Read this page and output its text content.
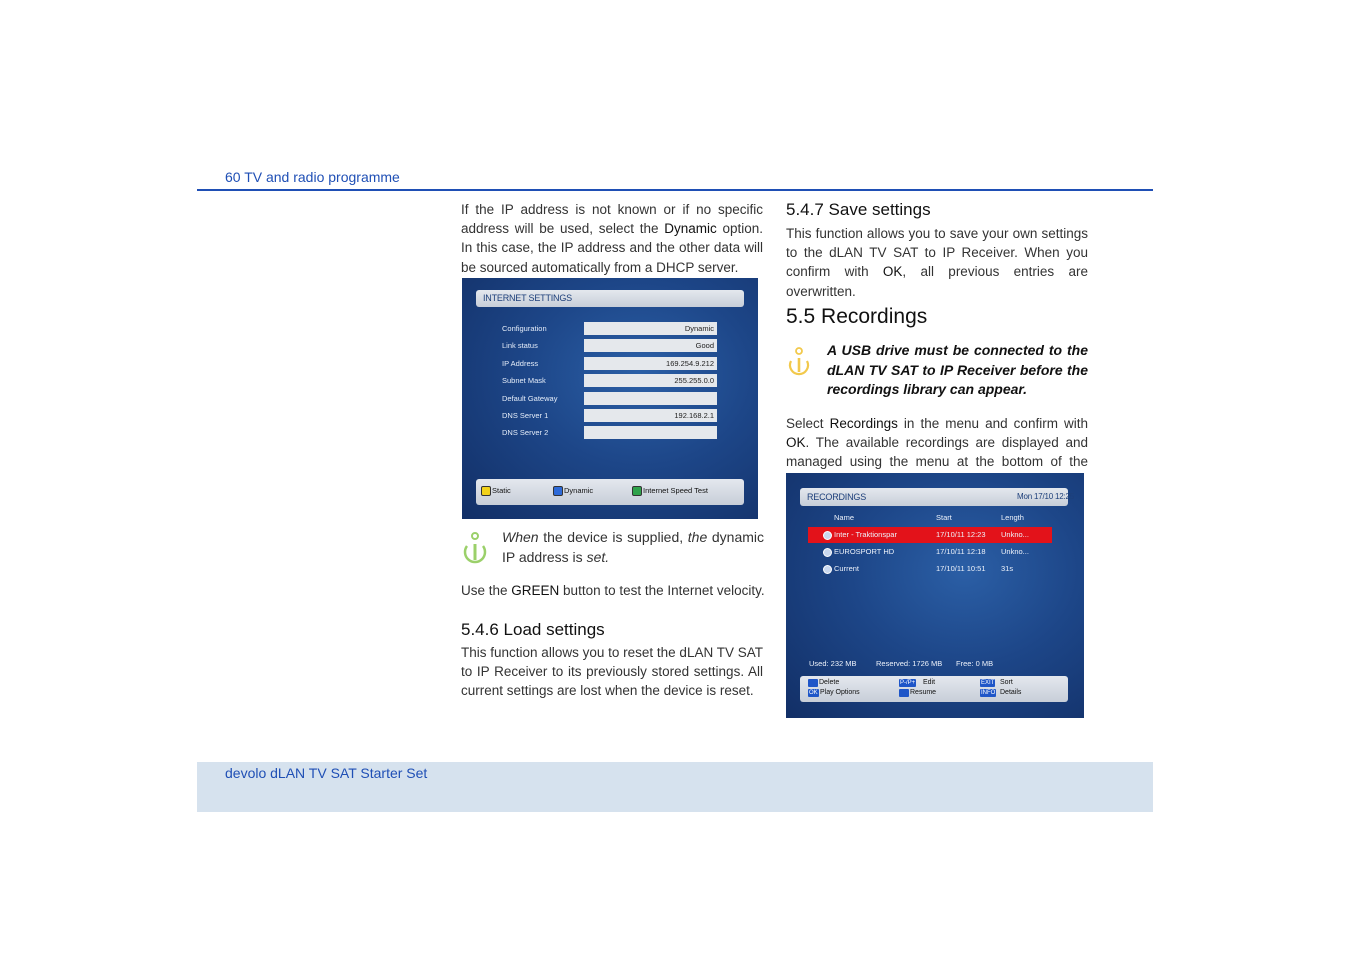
60 TV and radio programme
If the IP address is not known or if no specific address will be used, select the Dynamic option. In this case, the IP address and the other data will be sourced automatically from a DHCP server.
INTERNET SETTINGS
Configuration	Dynamic
Link status	Good
IP Address	169.254.9.212
Subnet Mask	255.255.0.0
Default Gateway
DNS Server 1	192.168.2.1
DNS Server 2
Static	Dynamic	Internet Speed Test
When the device is supplied, the dynamic IP address is set.
Use the GREEN button to test the Internet velocity.
5.4.6 Load settings
This function allows you to reset the dLAN TV SAT to IP Receiver to its previously stored settings. All current settings are lost when the device is reset.
5.4.7 Save settings
This function allows you to save your own settings to the dLAN TV SAT to IP Receiver. When you confirm with OK, all previous entries are overwritten.
5.5 Recordings
A USB drive must be connected to the dLAN TV SAT to IP Receiver before the recordings library can appear.
Select Recordings in the menu and confirm with OK. The available recordings are displayed and managed using the menu at the bottom of the
RECORDINGS	Mon 17/10 12:25
Name	Start	Length
Inter - Traktionspar	17/10/11 12:23 Unkno...
EUROSPORT HD	17/10/11 12:18 Unkno...
Current	17/10/11 10:51 31s
Used: 232 MB	Reserved: 1726 MB Free: 0 MB
Delete	P-/P+ Edit	EXIT Sort
OK Play Options	Resume	INFO Details
devolo dLAN TV SAT Starter Set
